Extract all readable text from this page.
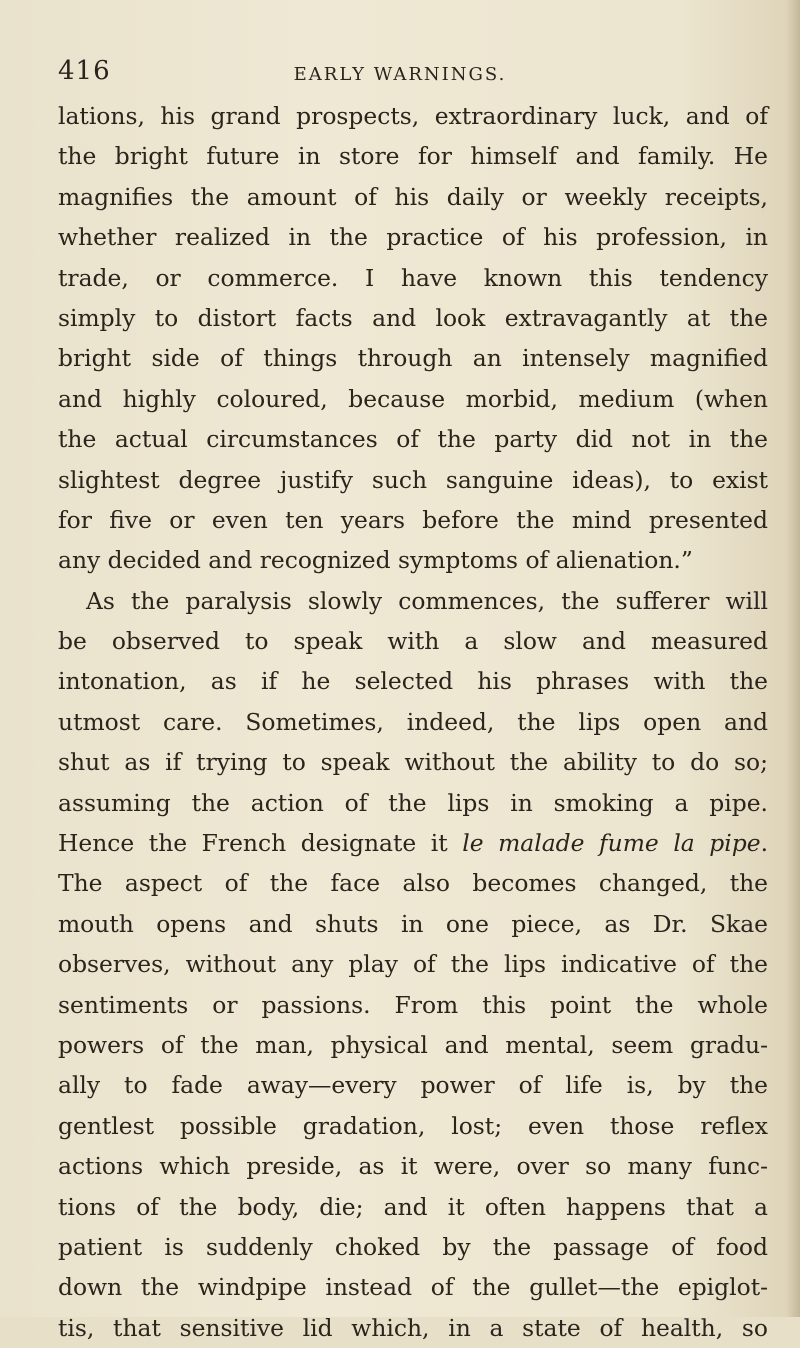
416	EARLY WARNINGS.
lations, his grand prospects, extraordinary luck, and of
the bright future in store for himself and family. He
magnifies the amount of his daily or weekly receipts,
whether realized in the practice of his profession, in
trade, or commerce. I have known this tendency
simply to distort facts and look extravagantly at the
bright side of things through an intensely magnified
and highly coloured, because morbid, medium (when
the actual circumstances of the party did not in the
slightest degree justify such sanguine ideas), to exist
for five or even ten years before the mind presented
any decided and recognized symptoms of alienation.”
As the paralysis slowly commences, the sufferer will
be observed to speak with a slow and measured
intonation, as if he selected his phrases with the
utmost care. Sometimes, indeed, the lips open and
shut as if trying to speak without the ability to do so;
assuming the action of the lips in smoking a pipe.
Hence the French designate it le malade fume la pipe.
The aspect of the face also becomes changed, the
mouth opens and shuts in one piece, as Dr. Skae
observes, without any play of the lips indicative of the
sentiments or passions. From this point the whole
powers of the man, physical and mental, seem gradu-
ally to fade away—every power of life is, by the
gentlest possible gradation, lost; even those reflex
actions which preside, as it were, over so many func-
tions of the body, die; and it often happens that a
patient is suddenly choked by the passage of food
down the windpipe instead of the gullet—the epiglot-
tis, that sensitive lid which, in a state of health, so
